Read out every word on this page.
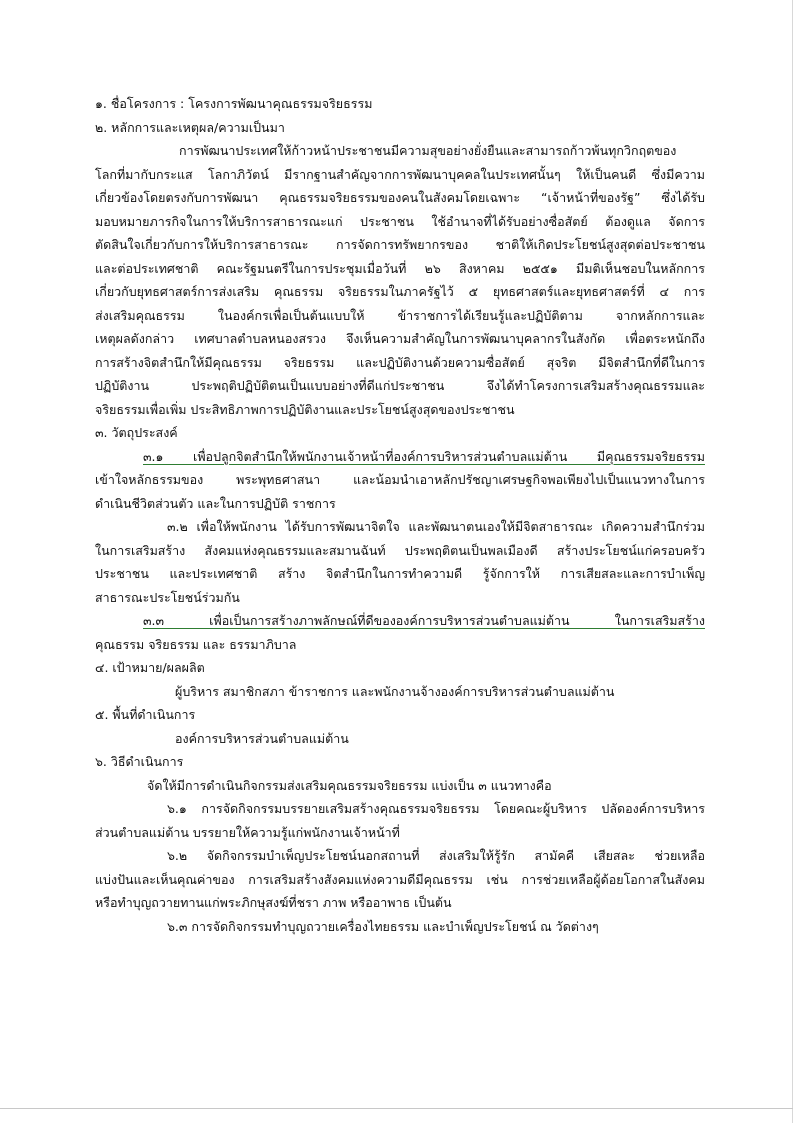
๑. ชื่อโครงการ : โครงการพัฒนาคุณธรรมจริยธรรม
๒. หลักการและเหตุผล/ความเป็นมา
การพัฒนาประเทศให้ก้าวหน้าประชาชนมีความสุขอย่างยั่งยืนและสามารถก้าวพ้นทุกวิกฤตของ
โลกที่มากับกระแส โลกาภิวัตน์ มีรากฐานสำคัญจากการพัฒนาบุคคลในประเทศนั้นๆ ให้เป็นคนดี ซึ่งมีความ
เกี่ยวข้องโดยตรงกับการพัฒนา คุณธรรมจริยธรรมของคนในสังคมโดยเฉพาะ “เจ้าหน้าที่ของรัฐ” ซึ่งได้รับ
มอบหมายภารกิจในการให้บริการสาธารณะแก่ ประชาชน ใช้อำนาจที่ได้รับอย่างซื่อสัตย์ ต้องดูแล จัดการ
ตัดสินใจเกี่ยวกับการให้บริการสาธารณะ การจัดการทรัพยากรของ ชาติให้เกิดประโยชน์สูงสุดต่อประชาชน
และต่อประเทศชาติ คณะรัฐมนตรีในการประชุมเมื่อวันที่ ๒๖ สิงหาคม ๒๕๕๑ มีมติเห็นชอบในหลักการ
เกี่ยวกับยุทธศาสตร์การส่งเสริม คุณธรรม จริยธรรมในภาครัฐไว้ ๕ ยุทธศาสตร์และยุทธศาสตร์ที่ ๔ การ
ส่งเสริมคุณธรรม ในองค์กรเพื่อเป็นต้นแบบให้ ข้าราชการได้เรียนรู้และปฏิบัติตาม จากหลักการและ
เหตุผลดังกล่าว เทศบาลตำบลหนองสรวง จึงเห็นความสำคัญในการพัฒนาบุคลากรในสังกัด เพื่อตระหนักถึง
การสร้างจิตสำนึกให้มีคุณธรรม จริยธรรม และปฏิบัติงานด้วยความซื่อสัตย์ สุจริต มีจิตสำนึกที่ดีในการ
ปฏิบัติงาน ประพฤติปฏิบัติตนเป็นแบบอย่างที่ดีแก่ประชาชน จึงได้ทำโครงการเสริมสร้างคุณธรรมและ
จริยธรรมเพื่อเพิ่ม ประสิทธิภาพการปฏิบัติงานและประโยชน์สูงสุดของประชาชน
๓. วัตถุประสงค์
๓.๑ เพื่อปลูกจิตสำนึกให้พนักงานเจ้าหน้าที่องค์การบริหารส่วนตำบลแม่ต้าน มีคุณธรรมจริยธรรม
เข้าใจหลักธรรมของ พระพุทธศาสนา และน้อมนำเอาหลักปรัชญาเศรษฐกิจพอเพียงไปเป็นแนวทางในการ
ดำเนินชีวิตส่วนตัว และในการปฏิบัติ ราชการ
๓.๒ เพื่อให้พนักงาน ได้รับการพัฒนาจิตใจ และพัฒนาตนเองให้มีจิตสาธารณะ เกิดความสำนึกร่วม
ในการเสริมสร้าง สังคมแห่งคุณธรรมและสมานฉันท์ ประพฤติตนเป็นพลเมืองดี สร้างประโยชน์แก่ครอบครัว
ประชาชน และประเทศชาติ สร้าง จิตสำนึกในการทำความดี รู้จักการให้ การเสียสละและการบำเพ็ญ
สาธารณะประโยชน์ร่วมกัน
๓.๓ เพื่อเป็นการสร้างภาพลักษณ์ที่ดีขององค์การบริหารส่วนตำบลแม่ต้าน ในการเสริมสร้าง
คุณธรรม จริยธรรม และ ธรรมาภิบาล
๔. เป้าหมาย/ผลผลิต
ผู้บริหาร สมาชิกสภา ข้าราชการ และพนักงานจ้างองค์การบริหารส่วนตำบลแม่ต้าน
๕. พื้นที่ดำเนินการ
องค์การบริหารส่วนตำบลแม่ต้าน
๖. วิธีดำเนินการ
จัดให้มีการดำเนินกิจกรรมส่งเสริมคุณธรรมจริยธรรม แบ่งเป็น ๓ แนวทางคือ
๖.๑ การจัดกิจกรรมบรรยายเสริมสร้างคุณธรรมจริยธรรม โดยคณะผู้บริหาร ปลัดองค์การบริหาร
ส่วนตำบลแม่ต้าน บรรยายให้ความรู้แก่พนักงานเจ้าหน้าที่
๖.๒ จัดกิจกรรมบำเพ็ญประโยชน์นอกสถานที่ ส่งเสริมให้รู้รัก สามัคคี เสียสละ ช่วยเหลือ
แบ่งปันและเห็นคุณค่าของ การเสริมสร้างสังคมแห่งความดีมีคุณธรรม เช่น การช่วยเหลือผู้ด้อยโอกาสในสังคม
หรือทำบุญถวายทานแก่พระภิกษุสงฆ์ที่ชรา ภาพ หรืออาพาธ เป็นต้น
๖.๓ การจัดกิจกรรมทำบุญถวายเครื่องไทยธรรม และบำเพ็ญประโยชน์ ณ วัดต่างๆ
